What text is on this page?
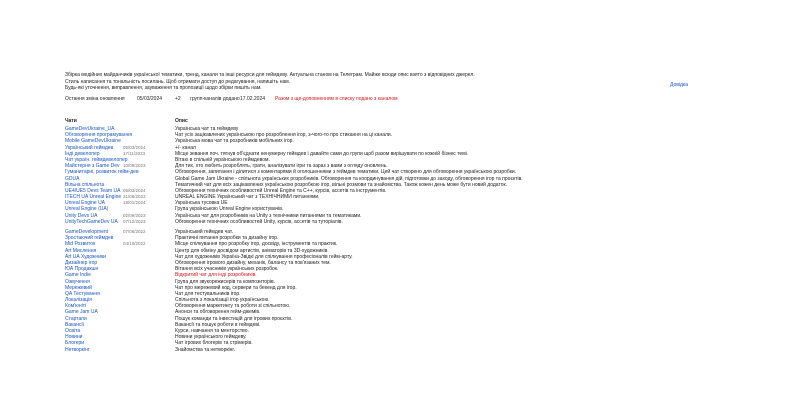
Збірка медійних майданчиків української тематики, тренд, канали та інші ресурси для геймдеву. Актуальна станом на Телеграм. Майже всюди опис взято з відповідних джерел.
Стиль написання та тональність посилань. Щоб отримати доступ до редагування, напишіть нам.
Будь-які уточнення, виправлення, зауваження та пропозиції щодо збірки пишіть нам.	Довідка
Остання зміна оновлення 05/03/2024	+2 групп-каналів додано 17.02.2024 Разом з ще-доповненням в списку подано з каналом
Чати	Опис
GameDevUkraine_UA	Українська чат та геймдеву
Обговорення програмування	Чат усіх зацікавлених українською про розроблення ігор, з-чого-то про стикання на ці канали.
Mobile GameDevUkraine	Українська мова чат та розробників мобільних ігор.
Український геймдев	05/03/2024	+/- канал
Інді девелопер	17/11/2023	Місце зевання поч. тягнув об'єднати ненумерну геймдев і давайте сами до групи щоб разом вирішувати по кожній бізнес темі.
Чат україн. геймдевелопер	Вітаю в спільній українською геймдевом.
Майстерня з Game Dev 10/09/2023	Для тих, хто любить розроблять, грати, аналізувати ігри та зараз з вами з огляду оновлень.
Гуманитарні, розвиток гейм-дев	Обговорення, запитання і ділитися з коментарями й оголошеннями з геймдев тематики. Цей чат створено для обговорення українською розробки.
GDUA	Global Game Jam Ukraine - спільнота українських розробників. Обговорення та координування дій, підготовки до заходу, обговорення ігор та проєктів.
Вільна спільнота	Тематичний чат для всіх зацікавлених українською розробкою ігор, вільні розмови та знайомства. Також кожен день може бути новий додаток.
UE4/UE5 Devs Team UA 05/03/2024	Обговорення технічних особливостей Unreal Engine та C++, курсів, ассетів та інструментів.
ITECH UA Unreal Engine 21/06/2023	UNREAL ENGINE Український чат з ТЕХНІЧНИМИ питаннями.
Unreal Engine UA	18/01/2024	Українська тусовка UE
Unreal Engine (UA)	Група українською Unreal Engine користувачів.
Unity Devs UA	02/09/2023	Українська чат для розробників на Unity з технічними питаннями та тематиками.
UnityTechGameDev UA	07/12/2023	Обговорення технічних особливостей Unity, курсів, ассетів та туторіалів.
GameDevelopment	07/06/2022	Український геймдев чат.
Зростаючий геймдев	Практичні питання розробки та дизайну ігор.
Mid Розвиток	04/10/2022	Місце спілкування про розробку ігор, досвіду, інструментів та практик.
Art Мислення	Центр для обміну досвідом артистів, аніматорів та 3D-художників.
Art UA Художники	Чат для художників Україна-Звідкі для спілкування професіоналів гейм-арту.
Дизайнер ігор	Обговорення ігрового дизайну, механік, балансу та пов'язаних тем.
ЮА Продакшн	Вітання всіх учасників українських розробок.
Game Indie	Відкритий чат для інді розробників.
Озвучення	Група для звукорежисерів та композиторів.
Мережевий	Чат про мережевий код, сервери та бекенд для ігор.
QA Тестування	Чат для тестувальників ігор.
Локалізація	Спільнота з локалізації ігор українською.
Ком'юніті	Обговорення маркетингу та роботи зі спільнотою.
Game Jam UA	Анонси та обговорення гейм-джемів.
Стартапи	Пошук команди та інвестицій для ігрових проєктів.
Вакансії	Вакансії та пошук роботи в геймдеві.
Освіта	Курси, навчання та менторство.
Новини	Новини українського геймдеву.
Блогери	Чат ігрових блогерів та стрімерів.
Нетворкінг	Знайомства та нетворкінг.
